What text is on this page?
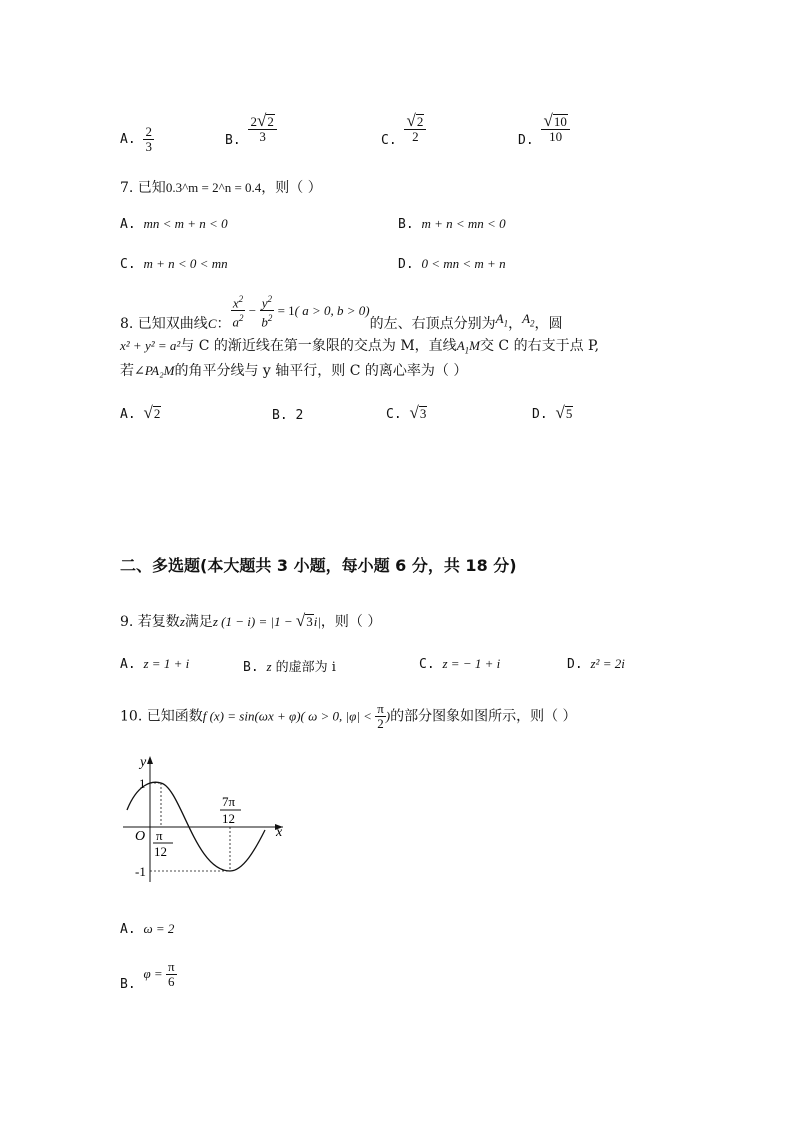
A. $\frac{2}{3}$	B. $\frac{2 √ 2}{3}$	C. $\frac{√ 2}{2}$	D. $\frac{√ 10}{10}$
7. 已知0.3^m = 2^n = 0.4，则（ ）
A. mn < m + n < 0	B. m + n < mn < 0
C. m + n < 0 < mn	D. 0 < mn < m + n
8. 已知双曲线C： $\frac{x^2}{a^2} - \frac{y^2}{b^2} = 1$( a > 0, b > 0)的左、右顶点分别为$A_1$，$A_2$，圆
x² + y² = a²与 C 的渐近线在第一象限的交点为 M，直线$A_1M$交 C 的右支于点 P,
若∠PA₂M的角平分线与 y 轴平行，则 C 的离心率为（ ）
A. √ 2	B. 2	C. √ 3	D. √ 5
二、多选题(本大题共 3 小题，每小题 6 分，共 18 分)
9. 若复数z满足z (1 − i) = |1 − √ 3 i|，则（ ）
A. z = 1 + i	B. z 的虚部为 i	C. z = − 1 + i	D. z² = 2i
10. 已知函数f (x) = sin(ωx + φ)( ω > 0, $|\varphi| < \frac{\pi}{2}$ )的部分图象如图所示，则（ ）
y
x
O
1
-1
π
12
7π
12
A. ω = 2
B. $\varphi = \frac{\pi}{6}$
